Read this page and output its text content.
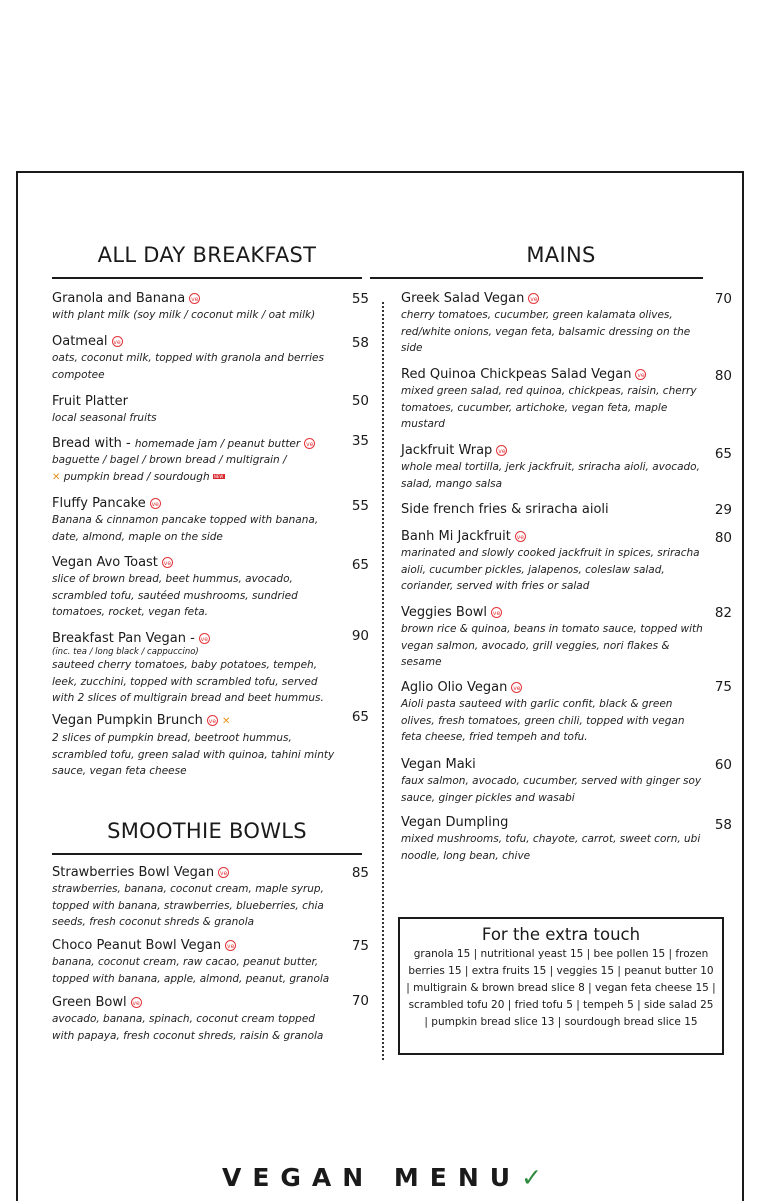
ALL DAY BREAKFAST
Granola and Banana ve
with plant milk (soy milk / coconut milk / oat milk)
55
Oatmeal ve
oats, coconut milk, topped with granola and berries compotee
58
Fruit Platter
local seasonal fruits
50
Bread with - homemade jam / peanut butter ve
baguette / bagel / brown bread / multigrain /
✕ pumpkin bread / sourdough NEW
35
Fluffy Pancake ve
Banana & cinnamon pancake topped with banana, date, almond, maple on the side
55
Vegan Avo Toast ve
slice of brown bread, beet hummus, avocado, scrambled tofu, sautéed mushrooms, sundried tomatoes, rocket, vegan feta.
65
Breakfast Pan Vegan - ve
(inc. tea / long black / cappuccino)
sauteed cherry tomatoes, baby potatoes, tempeh, leek, zucchini, topped with scrambled tofu, served with 2 slices of multigrain bread and beet hummus.
90
Vegan Pumpkin Brunch ve ✕
2 slices of pumpkin bread, beetroot hummus, scrambled tofu, green salad with quinoa, tahini minty sauce, vegan feta cheese
65
SMOOTHIE BOWLS
Strawberries Bowl Vegan ve
strawberries, banana, coconut cream, maple syrup, topped with banana, strawberries, blueberries, chia seeds, fresh coconut shreds & granola
85
Choco Peanut Bowl Vegan ve
banana, coconut cream, raw cacao, peanut butter, topped with banana, apple, almond, peanut, granola
75
Green Bowl ve
avocado, banana, spinach, coconut cream topped with papaya, fresh coconut shreds, raisin & granola
70
MAINS
Greek Salad Vegan ve
cherry tomatoes, cucumber, green kalamata olives, red/white onions, vegan feta, balsamic dressing on the side
70
Red Quinoa Chickpeas Salad Vegan ve
mixed green salad, red quinoa, chickpeas, raisin, cherry tomatoes, cucumber, artichoke, vegan feta, maple mustard
80
Jackfruit Wrap ve
whole meal tortilla, jerk jackfruit, sriracha aioli, avocado, salad, mango salsa
65
Side french fries & sriracha aioli	29
Banh Mi Jackfruit ve
marinated and slowly cooked jackfruit in spices, sriracha aioli, cucumber pickles, jalapenos, coleslaw salad, coriander, served with fries or salad
80
Veggies Bowl ve
brown rice & quinoa, beans in tomato sauce, topped with vegan salmon, avocado, grill veggies, nori flakes & sesame
82
Aglio Olio Vegan ve
Aioli pasta sauteed with garlic confit, black & green olives, fresh tomatoes, green chili, topped with vegan feta cheese, fried tempeh and tofu.
75
Vegan Maki
faux salmon, avocado, cucumber, served with ginger soy sauce, ginger pickles and wasabi
60
Vegan Dumpling
mixed mushrooms, tofu, chayote, carrot, sweet corn, ubi noodle, long bean, chive
58
For the extra touch
granola 15 | nutritional yeast 15 | bee pollen 15 | frozen berries 15 | extra fruits 15 | veggies 15 | peanut butter 10 | multigrain & brown bread slice 8 | vegan feta cheese 15 | scrambled tofu 20 | fried tofu 5 | tempeh 5 | side salad 25 | pumpkin bread slice 13 | sourdough bread slice 15
VEGAN MENU✓
